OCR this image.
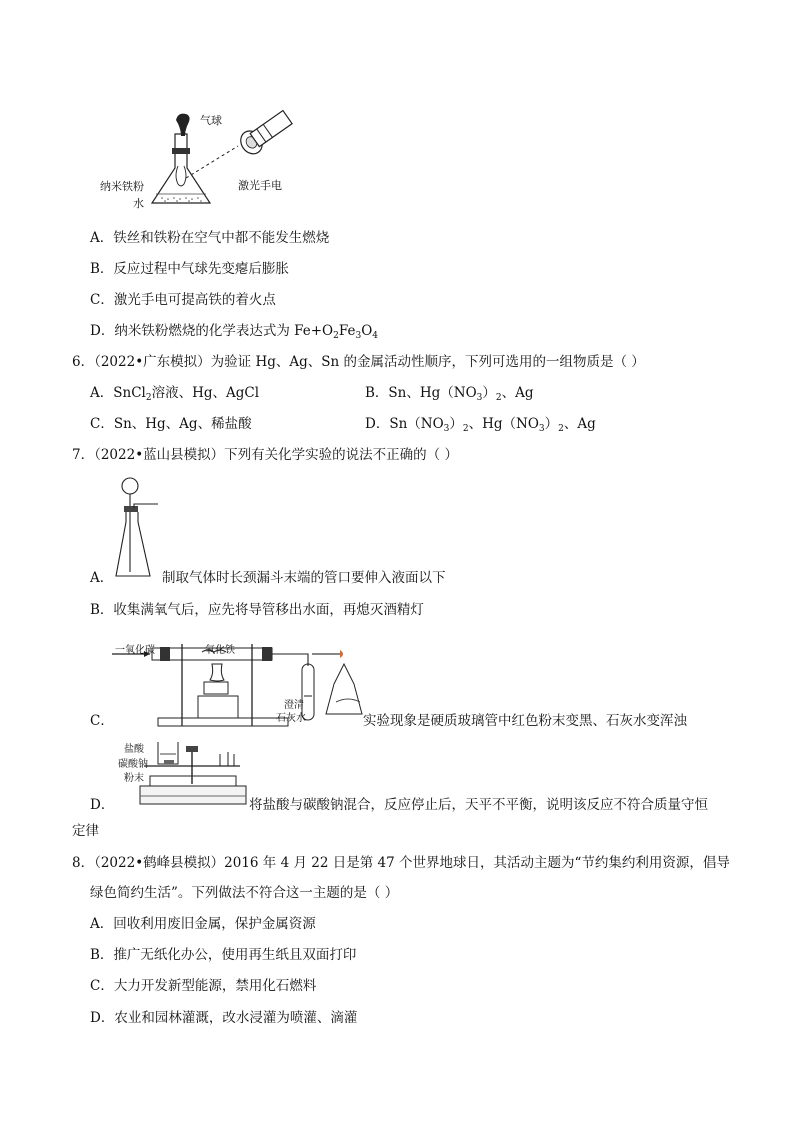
气球
纳米铁粉
水
激光手电
A．铁丝和铁粉在空气中都不能发生燃烧
B．反应过程中气球先变瘪后膨胀
C．激光手电可提高铁的着火点
D．纳米铁粉燃烧的化学表达式为 $Fe+O_2Fe_3O_4$
6．（2022•广东模拟）为验证 Hg、Ag、Sn 的金属活动性顺序，下列可选用的一组物质是（ ）
A．SnCl$_2$溶液、Hg、AgCl	B．Sn、$Hg(NO_3)_2$、Ag
C．Sn、Hg、Ag、稀盐酸	D．$Sn(NO_3)_2$、$Hg(NO_3)_2$、Ag
7．（2022•蓝山县模拟）下列有关化学实验的说法不正确的（ ）
A．	制取气体时长颈漏斗末端的管口要伸入液面以下
B．收集满氧气后，应先将导管移出水面，再熄灭酒精灯
一氧化碳	氧化铁
澄清
石灰水
C．	实验现象是硬质玻璃管中红色粉末变黑、石灰水变浑浊
盐酸
碳酸钠
粉末
D．	将盐酸与碳酸钠混合，反应停止后，天平不平衡，说明该反应不符合质量守恒
定律
8．（2022•鹤峰县模拟）2016 年 4 月 22 日是第 47 个世界地球日，其活动主题为“节约集约利用资源，倡导
绿色简约生活”。下列做法不符合这一主题的是（ ）
A．回收利用废旧金属，保护金属资源
B．推广无纸化办公，使用再生纸且双面打印
C．大力开发新型能源，禁用化石燃料
D．农业和园林灌溉，改水浸灌为喷灌、滴灌
